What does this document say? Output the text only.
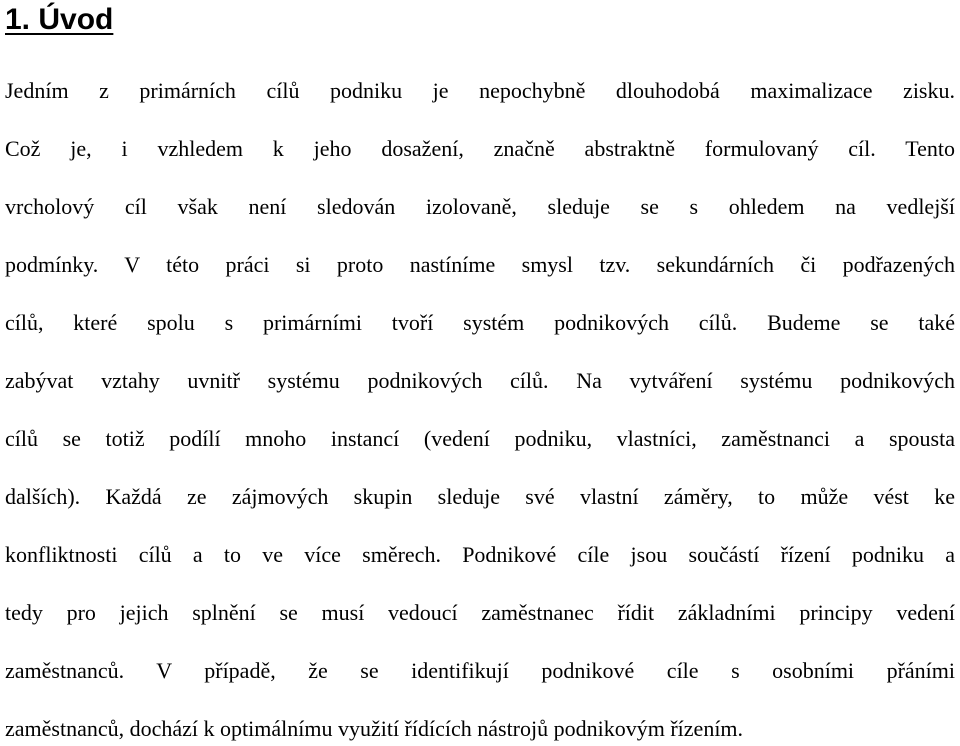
1. Úvod
Jedním z primárních cílů podniku je nepochybně dlouhodobá maximalizace zisku.
Což je, i vzhledem k jeho dosažení, značně abstraktně formulovaný cíl. Tento
vrcholový cíl však není sledován izolovaně, sleduje se s ohledem na vedlejší
podmínky. V této práci si proto nastíníme smysl tzv. sekundárních či podřazených
cílů, které spolu s primárními tvoří systém podnikových cílů. Budeme se také
zabývat vztahy uvnitř systému podnikových cílů. Na vytváření systému podnikových
cílů se totiž podílí mnoho instancí (vedení podniku, vlastníci, zaměstnanci a spousta
dalších). Každá ze zájmových skupin sleduje své vlastní záměry, to může vést ke
konfliktnosti cílů a to ve více směrech. Podnikové cíle jsou součástí řízení podniku a
tedy pro jejich splnění se musí vedoucí zaměstnanec řídit základními principy vedení
zaměstnanců. V případě, že se identifikují podnikové cíle s osobními přáními
zaměstnanců, dochází k optimálnímu využití řídících nástrojů podnikovým řízením.
